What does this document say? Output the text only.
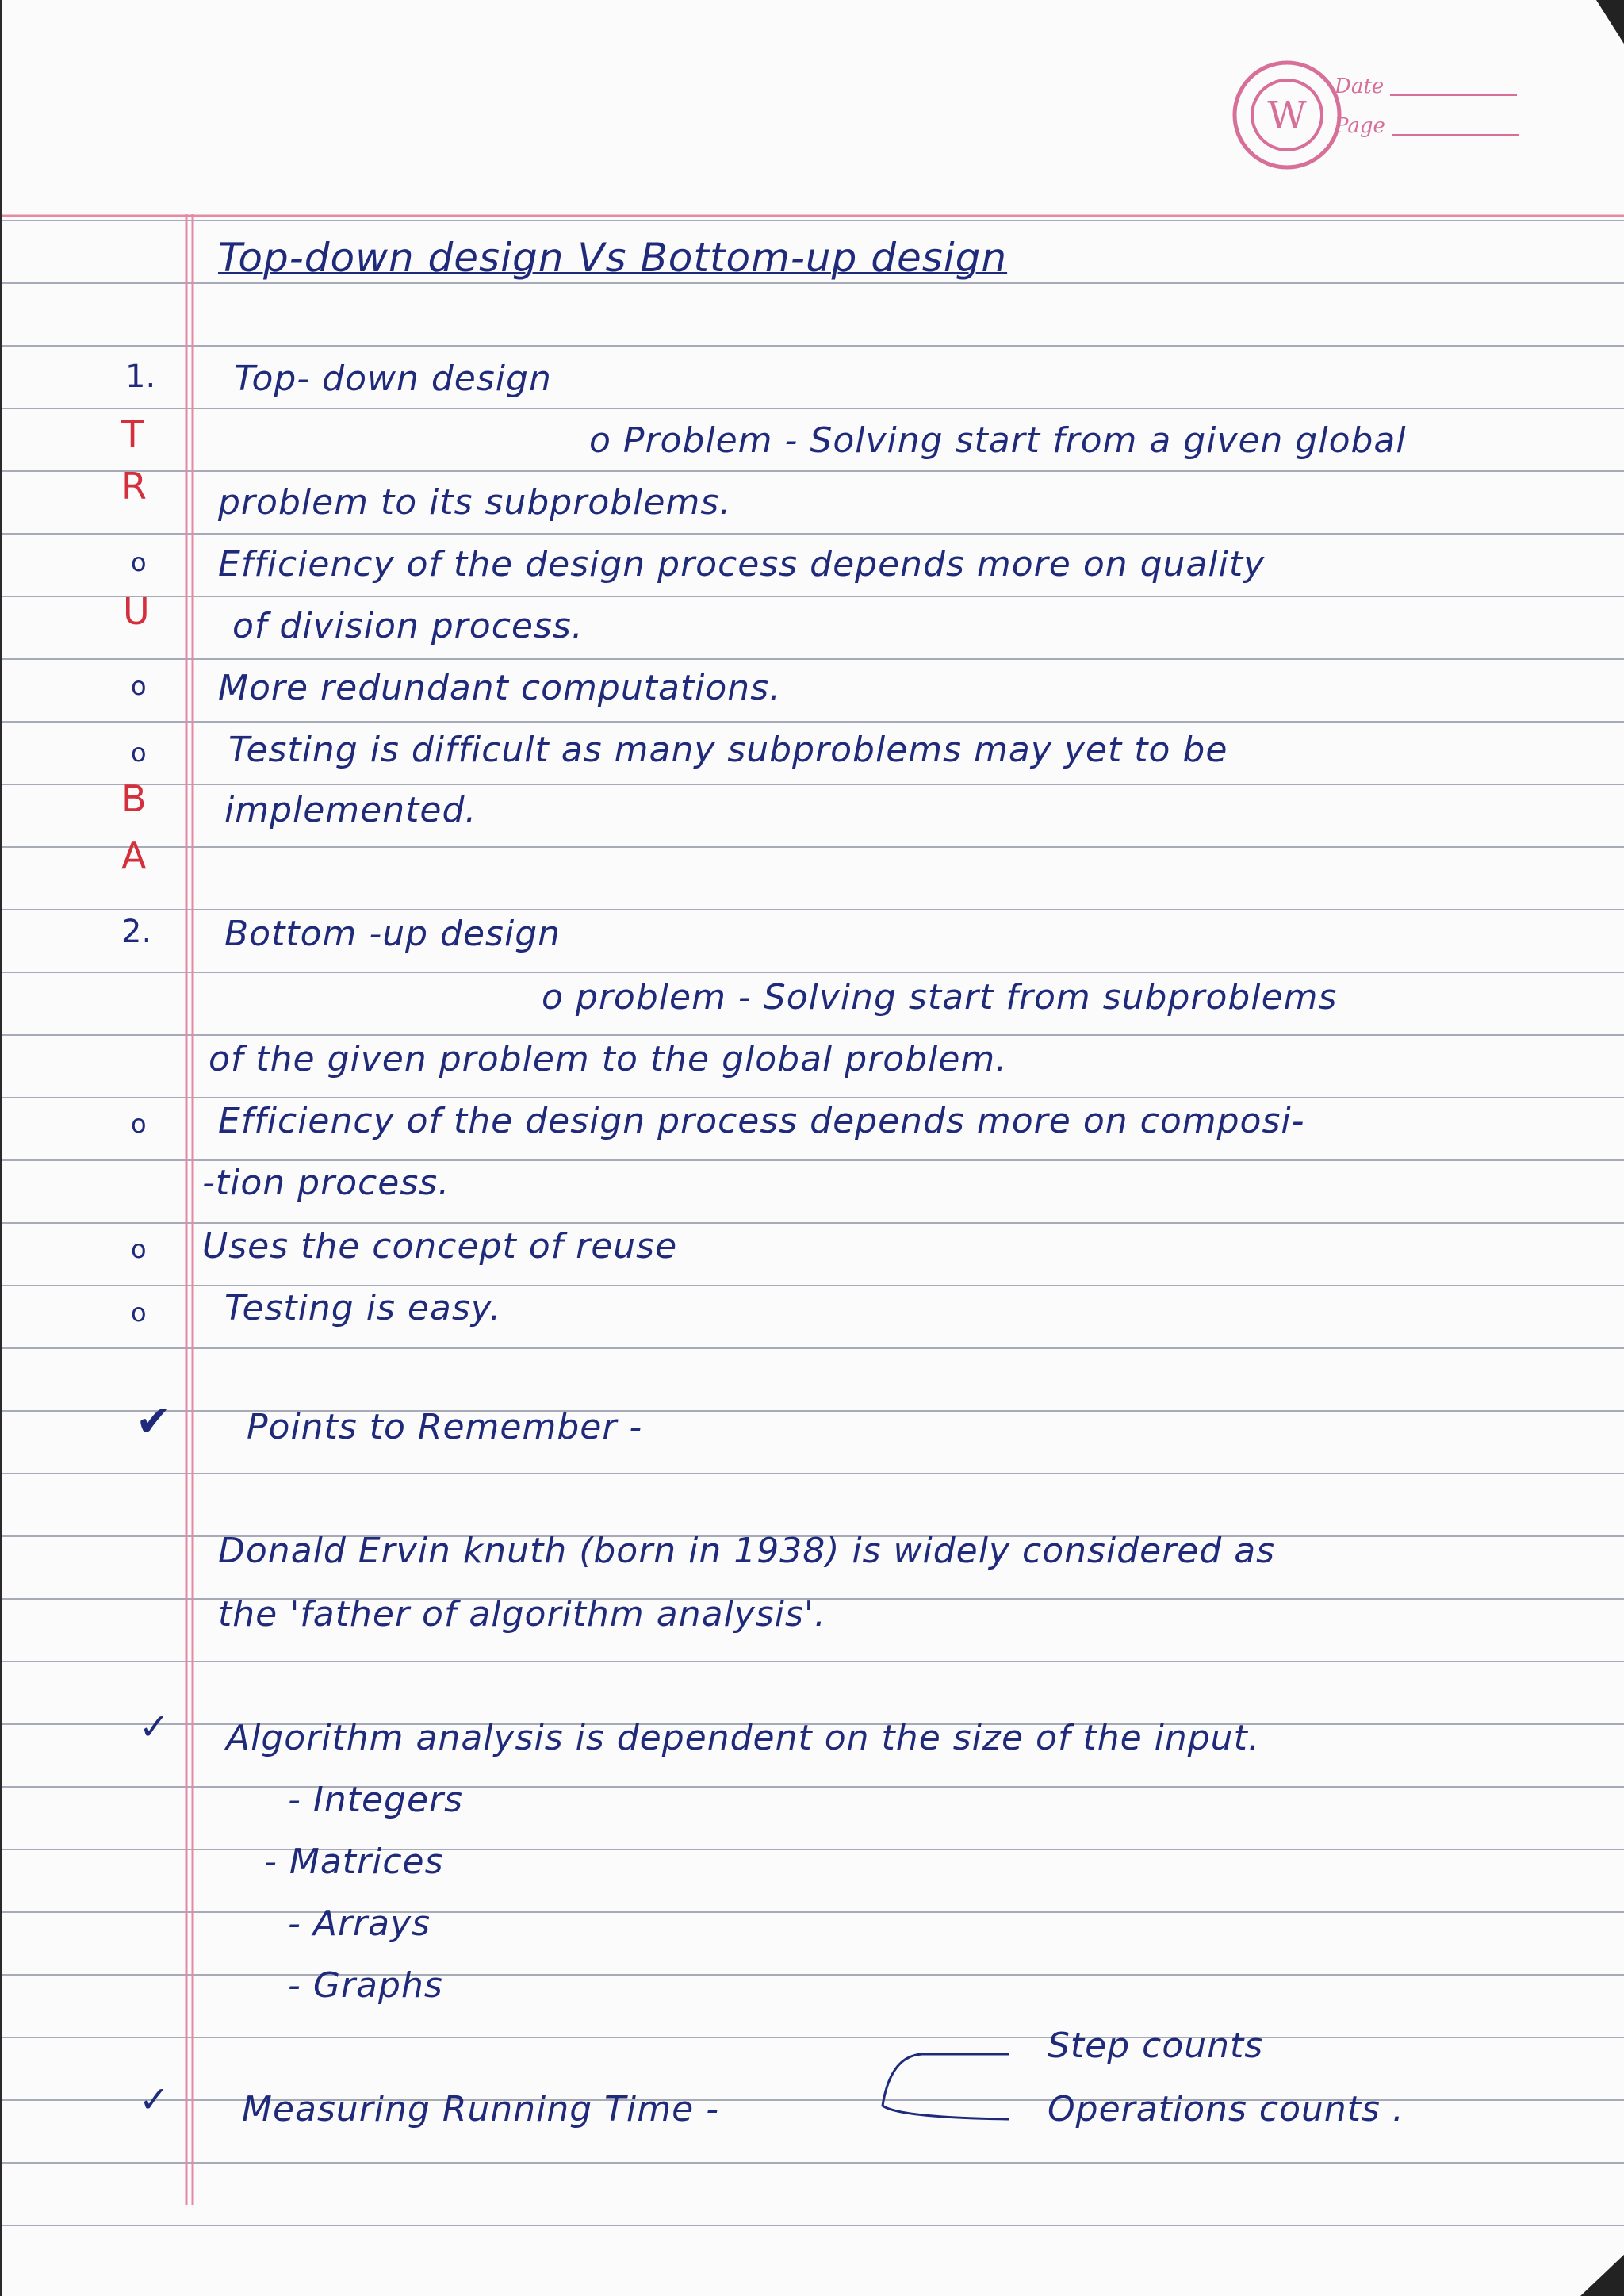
W
Date
Page
Top-down design Vs Bottom-up design
1.
T
R
o
U
o
o
B
A
2.
o
o
o
Top- down design
o Problem - Solving start from a given global
problem to its subproblems.
Efficiency of the design process depends more on quality
of division process.
More redundant computations.
Testing is difficult as many subproblems may yet to be
implemented.
Bottom -up design
o problem - Solving start from subproblems
of the given problem to the global problem.
Efficiency of the design process depends more on composi-
-tion process.
Uses the concept of reuse
Testing is easy.
✔ Points to Remember -
Donald Ervin knuth (born in 1938) is widely considered as
the 'father of algorithm analysis'.
✓ Algorithm analysis is dependent on the size of the input.
- Integers
- Matrices
- Arrays
- Graphs
Step counts
✓ Measuring Running Time -	Operations counts .
